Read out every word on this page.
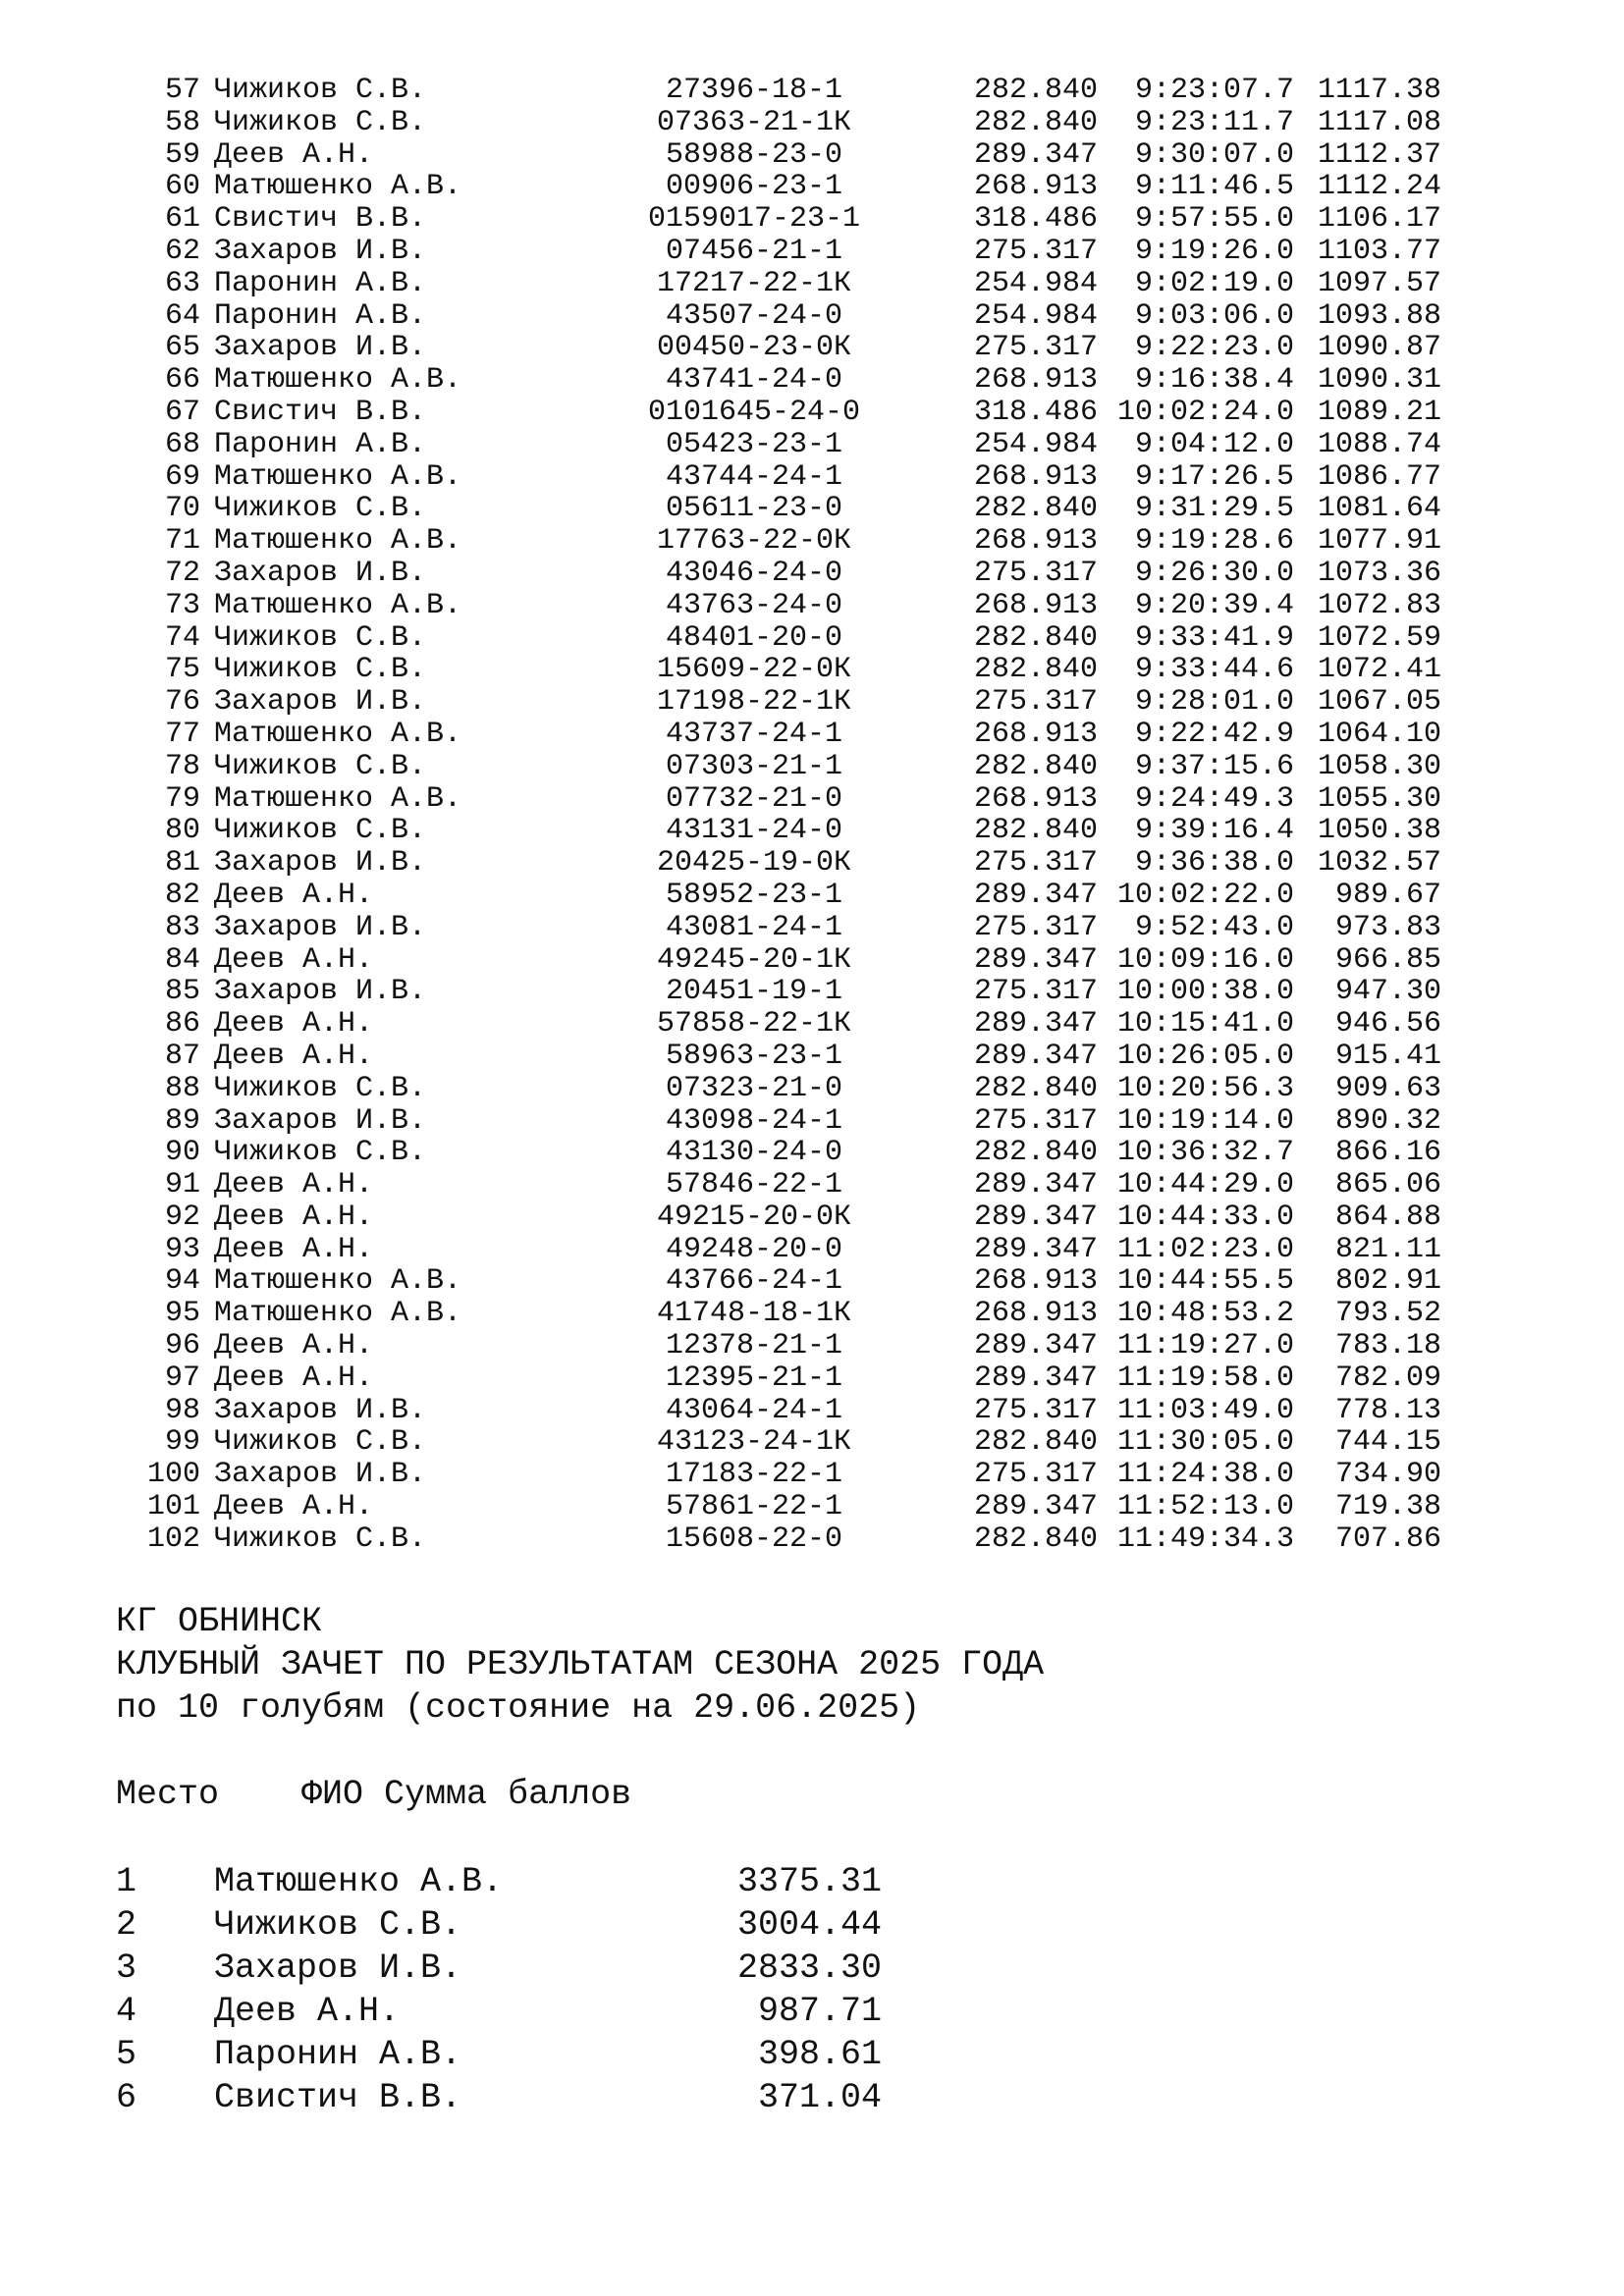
57 Чижиков С.В.	27396-18-1	282.840	9:23:07.7 1117.38
58 Чижиков С.В.	07363-21-1К	282.840	9:23:11.7 1117.08
59 Деев А.Н.	58988-23-0	289.347	9:30:07.0 1112.37
60 Матюшенко А.В.	00906-23-1	268.913	9:11:46.5 1112.24
61 Свистич В.В.	0159017-23-1	318.486	9:57:55.0 1106.17
62 Захаров И.В.	07456-21-1	275.317	9:19:26.0 1103.77
63 Паронин А.В.	17217-22-1К	254.984	9:02:19.0 1097.57
64 Паронин А.В.	43507-24-0	254.984	9:03:06.0 1093.88
65 Захаров И.В.	00450-23-0К	275.317	9:22:23.0 1090.87
66 Матюшенко А.В.	43741-24-0	268.913	9:16:38.4 1090.31
67 Свистич В.В.	0101645-24-0	318.486 10:02:24.0 1089.21
68 Паронин А.В.	05423-23-1	254.984	9:04:12.0 1088.74
69 Матюшенко А.В.	43744-24-1	268.913	9:17:26.5 1086.77
70 Чижиков С.В.	05611-23-0	282.840	9:31:29.5 1081.64
71 Матюшенко А.В.	17763-22-0К	268.913	9:19:28.6 1077.91
72 Захаров И.В.	43046-24-0	275.317	9:26:30.0 1073.36
73 Матюшенко А.В.	43763-24-0	268.913	9:20:39.4 1072.83
74 Чижиков С.В.	48401-20-0	282.840	9:33:41.9 1072.59
75 Чижиков С.В.	15609-22-0К	282.840	9:33:44.6 1072.41
76 Захаров И.В.	17198-22-1К	275.317	9:28:01.0 1067.05
77 Матюшенко А.В.	43737-24-1	268.913	9:22:42.9 1064.10
78 Чижиков С.В.	07303-21-1	282.840	9:37:15.6 1058.30
79 Матюшенко А.В.	07732-21-0	268.913	9:24:49.3 1055.30
80 Чижиков С.В.	43131-24-0	282.840	9:39:16.4 1050.38
81 Захаров И.В.	20425-19-0К	275.317	9:36:38.0 1032.57
82 Деев А.Н.	58952-23-1	289.347 10:02:22.0	989.67
83 Захаров И.В.	43081-24-1	275.317	9:52:43.0	973.83
84 Деев А.Н.	49245-20-1К	289.347 10:09:16.0	966.85
85 Захаров И.В.	20451-19-1	275.317 10:00:38.0	947.30
86 Деев А.Н.	57858-22-1К	289.347 10:15:41.0	946.56
87 Деев А.Н.	58963-23-1	289.347 10:26:05.0	915.41
88 Чижиков С.В.	07323-21-0	282.840 10:20:56.3	909.63
89 Захаров И.В.	43098-24-1	275.317 10:19:14.0	890.32
90 Чижиков С.В.	43130-24-0	282.840 10:36:32.7	866.16
91 Деев А.Н.	57846-22-1	289.347 10:44:29.0	865.06
92 Деев А.Н.	49215-20-0К	289.347 10:44:33.0	864.88
93 Деев А.Н.	49248-20-0	289.347 11:02:23.0	821.11
94 Матюшенко А.В.	43766-24-1	268.913 10:44:55.5	802.91
95 Матюшенко А.В.	41748-18-1К	268.913 10:48:53.2	793.52
96 Деев А.Н.	12378-21-1	289.347 11:19:27.0	783.18
97 Деев А.Н.	12395-21-1	289.347 11:19:58.0	782.09
98 Захаров И.В.	43064-24-1	275.317 11:03:49.0	778.13
99 Чижиков С.В.	43123-24-1К	282.840 11:30:05.0	744.15
100 Захаров И.В.	17183-22-1	275.317 11:24:38.0	734.90
101 Деев А.Н.	57861-22-1	289.347 11:52:13.0	719.38
102 Чижиков С.В.	15608-22-0	282.840 11:49:34.3	707.86
КГ ОБНИНСК
КЛУБНЫЙ ЗАЧЕТ ПО РЕЗУЛЬТАТАМ СЕЗОНА 2025 ГОДА
по 10 голубям (состояние на 29.06.2025)
Место    ФИО Сумма баллов
1 Матюшенко А.В.	3375.31
2 Чижиков С.В.	3004.44
3 Захаров И.В.	2833.30
4 Деев А.Н.	987.71
5 Паронин А.В.	398.61
6 Свистич В.В.	371.04
